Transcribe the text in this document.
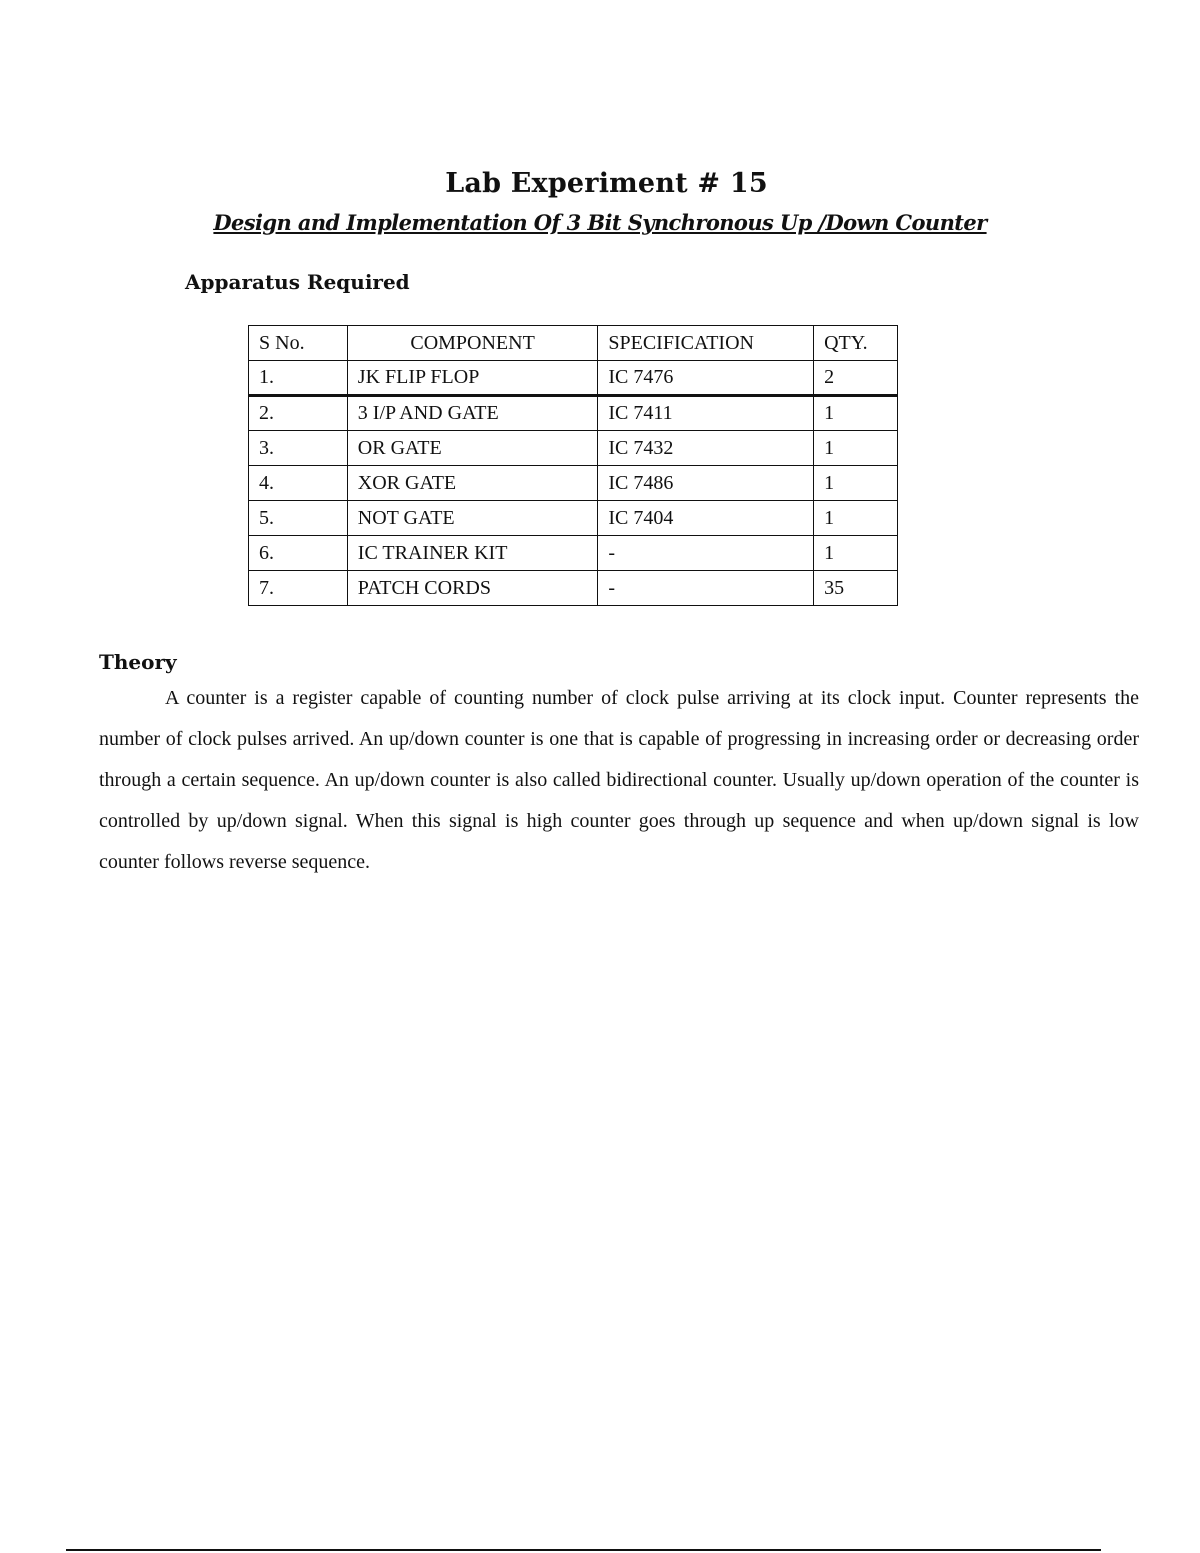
Lab Experiment # 15
Design and Implementation Of 3 Bit Synchronous Up /Down Counter
Apparatus Required
S No.	COMPONENT	SPECIFICATION	QTY.
1.	JK FLIP FLOP	IC 7476	2
2.	3 I/P AND GATE	IC 7411	1
3.	OR GATE	IC 7432	1
4.	XOR GATE	IC 7486	1
5.	NOT GATE	IC 7404	1
6.	IC TRAINER KIT	-	1
7.	PATCH CORDS	-	35
Theory

A counter is a register capable of counting number of clock pulse arriving at its clock input. Counter represents the number of clock pulses arrived. An up/down counter is one that is capable of progressing in increasing order or decreasing order through a certain sequence. An up/down counter is also called bidirectional counter. Usually up/down operation of the counter is controlled by up/down signal. When this signal is high counter goes through up sequence and when up/down signal is low counter follows reverse sequence.
